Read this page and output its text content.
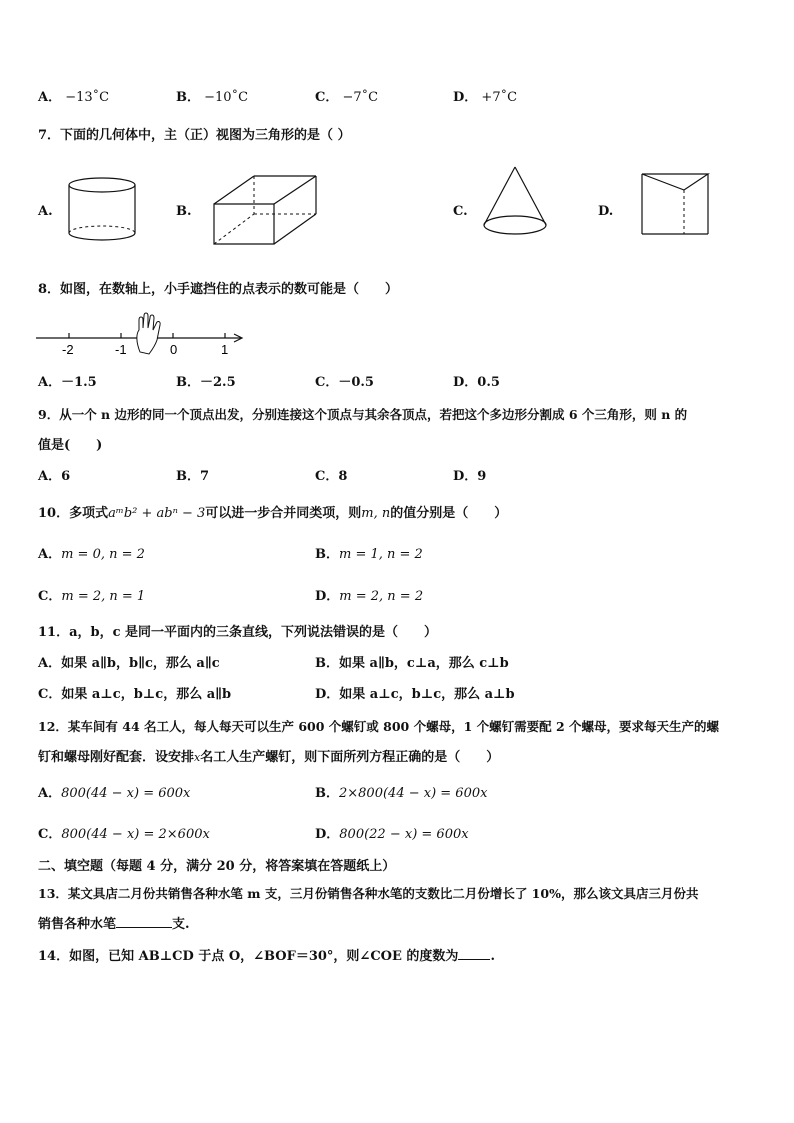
A． −13˚C	B． −10˚C	C． −7˚C	D． +7˚C
7．下面的几何体中，主（正）视图为三角形的是（ ）
A.	B.	C.	D.
8．如图，在数轴上，小手遮挡住的点表示的数可能是（　　）
-2	-1	0	1
A．－1.5	B．－2.5	C．－0.5	D．0.5
9．从一个 n 边形的同一个顶点出发，分别连接这个顶点与其余各顶点，若把这个多边形分割成 6 个三角形，则 n 的
值是(　　)
A．6	B．7	C．8	D．9
10．多项式aᵐb² + abⁿ − 3可以进一步合并同类项，则m, n的值分别是（　　）
A．m = 0, n = 2	B．m = 1, n = 2
C．m = 2, n = 1	D．m = 2, n = 2
11．a，b，c 是同一平面内的三条直线，下列说法错误的是（　　）
A．如果 a∥b，b∥c，那么 a∥c	B．如果 a∥b，c⊥a，那么 c⊥b
C．如果 a⊥c，b⊥c，那么 a∥b	D．如果 a⊥c，b⊥c，那么 a⊥b
12．某车间有 44 名工人，每人每天可以生产 600 个螺钉或 800 个螺母，1 个螺钉需要配 2 个螺母，要求每天生产的螺
钉和螺母刚好配套．设安排x名工人生产螺钉，则下面所列方程正确的是（　　）
A．800(44 − x) = 600x	B．2×800(44 − x) = 600x
C．800(44 − x) = 2×600x	D．800(22 − x) = 600x
二、填空题（每题 4 分，满分 20 分，将答案填在答题纸上）
13．某文具店二月份共销售各种水笔 m 支，三月份销售各种水笔的支数比二月份增长了 10%，那么该文具店三月份共
销售各种水笔	支.
14．如图，已知 AB⊥CD 于点 O，∠BOF＝30°，则∠COE 的度数为 .
